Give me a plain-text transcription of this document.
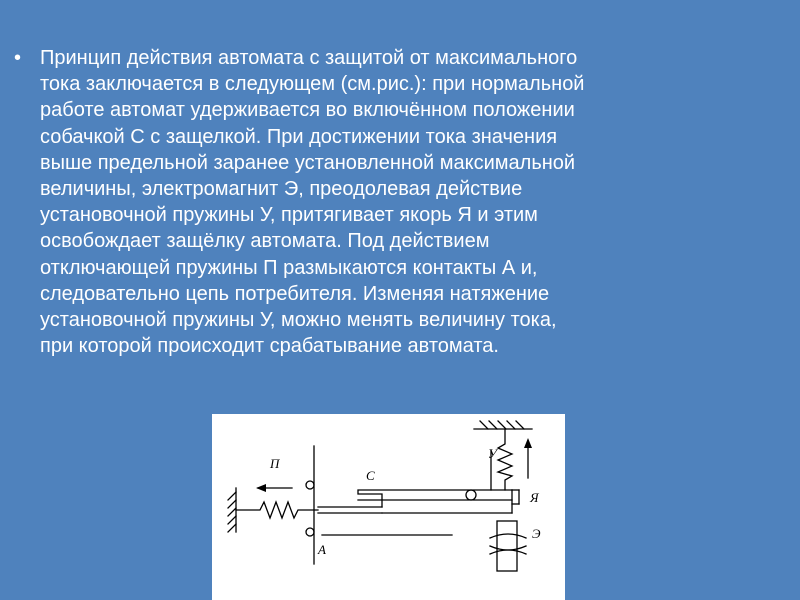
• Принцип действия автомата с защитой от максимального
тока заключается в следующем (см.рис.): при нормальной
работе автомат удерживается во включённом положении
собачкой С с защелкой. При достижении тока значения
выше предельной заранее установленной максимальной
величины, электромагнит Э, преодолевая действие
установочной пружины У, притягивает якорь Я и этим
освобождает защёлку автомата. Под действием
отключающей пружины П размыкаются контакты А и,
следовательно цепь потребителя. Изменяя натяжение
установочной пружины У, можно менять величину тока,
при которой происходит срабатывание автомата.

П
С
А
У
Я
Э
